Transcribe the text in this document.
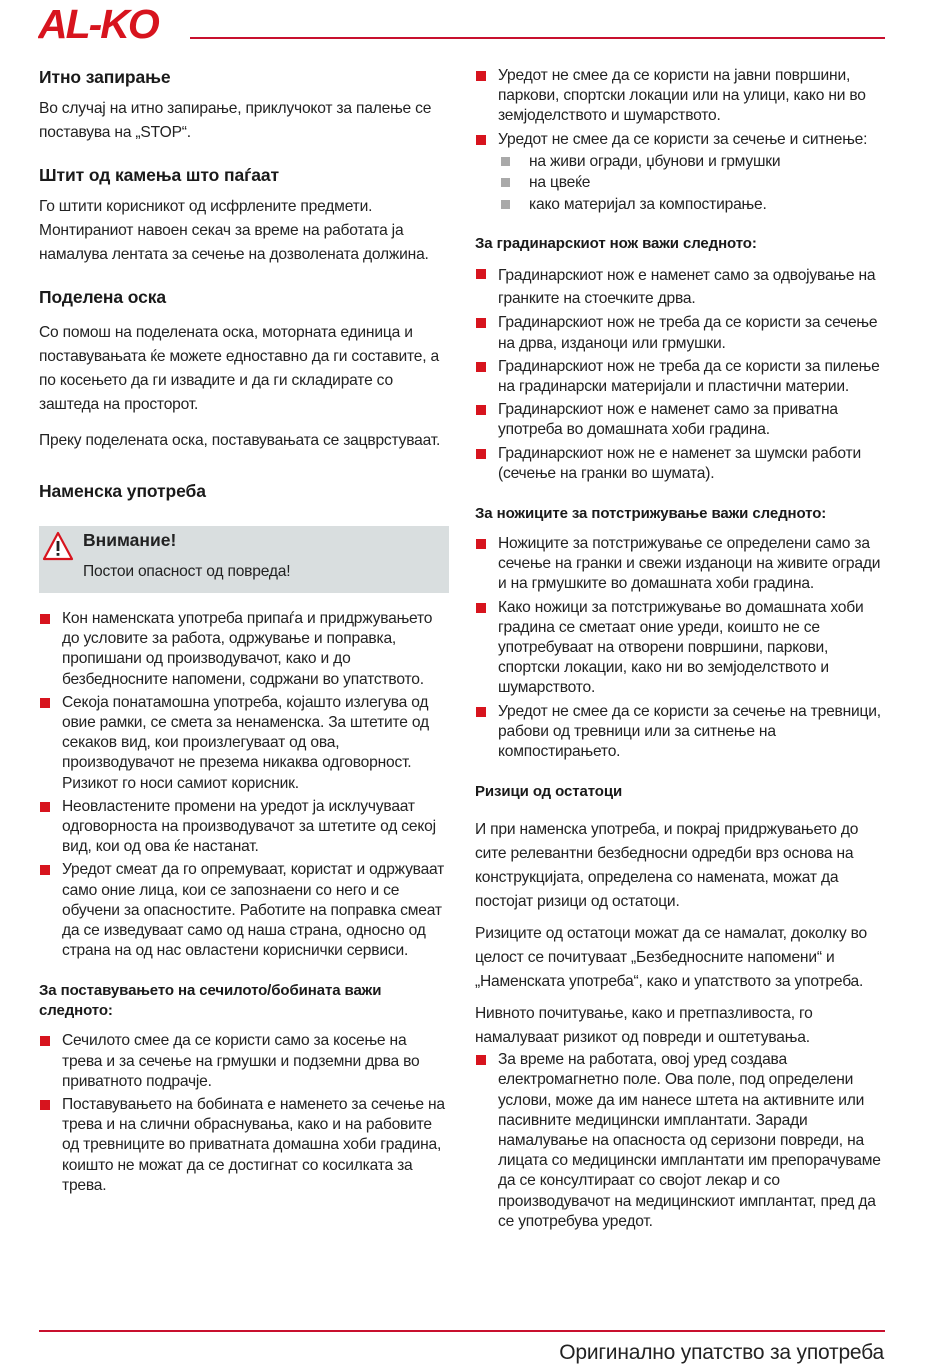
AL-KO
Итно запирање
Во случај на итно запирање, приклучокот за палење се поставува на „STOP“.
Штит од камења што паѓаат
Го штити корисникот од исфрлените предмети. Монтираниот навоен секач за време на работата ја намалува лентата за сечење на дозволената должина.
Поделена оска
Со помош на поделената оска, моторната единица и поставувањата ќе можете едноставно да ги составите, а по косењето да ги извадите и да ги складирате со заштеда на просторот.
Преку поделената оска, поставувањата се зацврстуваат.
Наменска употреба
Внимание!
Постои опасност од повреда!
Кон наменската употреба припаѓа и придржувањето до условите за работа, одржување и поправка, пропишани од производувачот, како и до безбедносните напомени, содржани во упатството.
Секоја понатамошна употреба, којашто излегува од овие рамки, се смета за ненаменска. За штетите од секаков вид, кои произлегуваат од ова, производувачот не презема никаква одговорност. Ризикот го носи самиот корисник.
Неовластените промени на уредот ја исклучуваат одговорноста на производувачот за штетите од секој вид, кои од ова ќе настанат.
Уредот смеат да го опремуваат, користат и одржуваат само оние лица, кои се запознаени со него и се обучени за опасностите. Работите на поправка смеат да се изведуваат само од наша страна, односно од страна на од нас овластени кориснички сервиси.
За поставувањето на сечилото/бобината важи следното:
Сечилото смее да се користи само за косење на трева и за сечење на грмушки и подземни дрва во приватното подрачје.
Поставувањето на бобината е наменето за сечење на трева и на слични обраснувања, како и на рабовите од тревниците во приватната домашна хоби градина, коишто не можат да се достигнат со косилката за трева.
Уредот не смее да се користи на јавни површини, паркови, спортски локации или на улици, како ни во земјоделството и шумарството.
Уредот не смее да се користи за сечење и ситнење:
на живи огради, џбунови и грмушки
на цвеќе
како материјал за компостирање.
За градинарскиот нож важи следното:
Градинарскиот нож е наменет само за одвојување на гранките на стоечките дрва.
Градинарскиот нож не треба да се користи за сечење на дрва, изданоци или грмушки.
Градинарскиот нож не треба да се користи за пилење на градинарски материјали и пластични материи.
Градинарскиот нож е наменет само за приватна употреба во домашната хоби градина.
Градинарскиот нож не е наменет за шумски работи (сечење на гранки во шумата).
За ножиците за потстрижување важи следното:
Ножиците за потстрижување се определени само за сечење на гранки и свежи изданоци на живите огради и на грмушките во домашната хоби градина.
Како ножици за потстрижување во домашната хоби градина се сметаат оние уреди, коишто не се употребуваат на отворени површини, паркови, спортски локации, како ни во земјоделството и шумарството.
Уредот не смее да се користи за сечење на тревници, рабови од тревници или за ситнење на компостирањето.
Ризици од остатоци
И при наменска употреба, и покрај придржувањето до сите релевантни безбедносни одредби врз основа на конструкцијата, определена со намената, можат да постојат ризици од остатоци.
Ризиците од остатоци можат да се намалат, доколку во целост се почитуваат „Безбедносните напомени“ и „Наменската употреба“, како и упатството за употреба.
Нивното почитување, како и претпазливоста, го намалуваат ризикот од повреди и оштетувања.
За време на работата, овој уред создава електромагнетно поле. Ова поле, под определени услови, може да им нанесе штета на активните или пасивните медицински имплантати. Заради намалување на опасноста од серизони повреди, на лицата со медицински имплантати им препорачуваме да се консултираат со својот лекар и со производувачот на медицинскиот имплантат, пред да се употребува уредот.
Оригинално упатство за употреба
